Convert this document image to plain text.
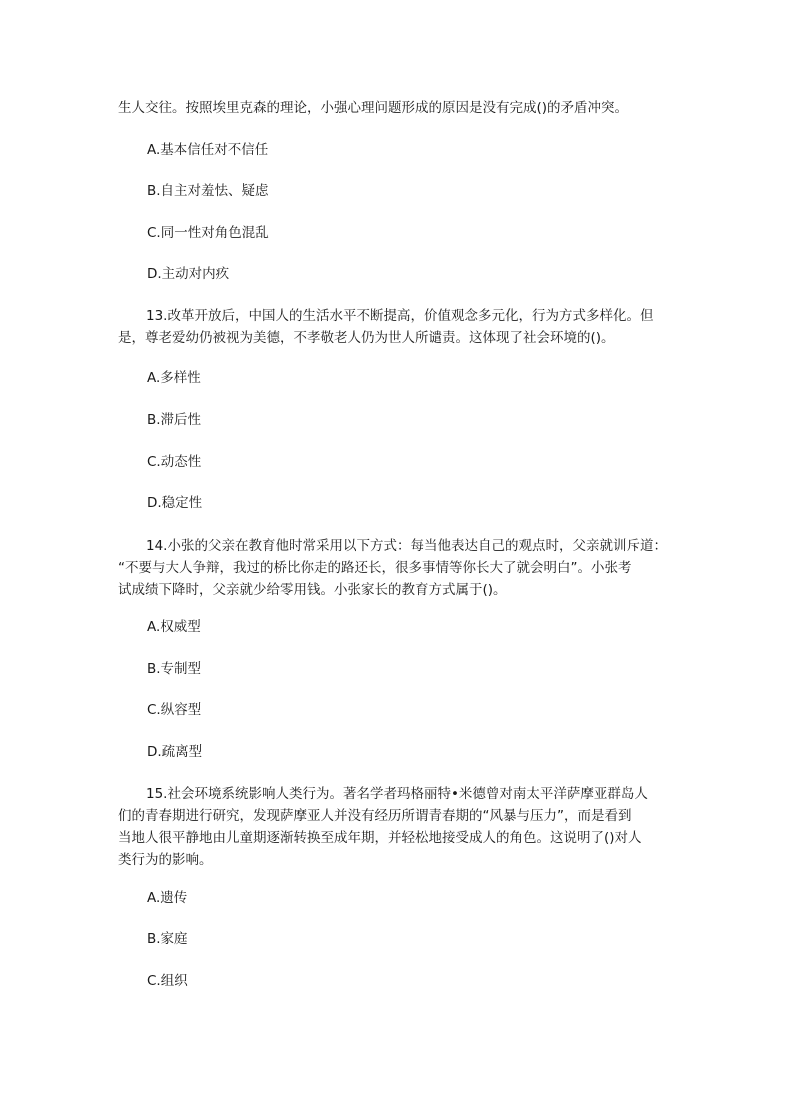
生人交往。按照埃里克森的理论，小强心理问题形成的原因是没有完成()的矛盾冲突。

A.基本信任对不信任

B.自主对羞怯、疑虑

C.同一性对角色混乱

D.主动对内疚

13.改革开放后，中国人的生活水平不断提高，价值观念多元化，行为方式多样化。但
是，尊老爱幼仍被视为美德，不孝敬老人仍为世人所谴责。这体现了社会环境的()。

A.多样性

B.滞后性

C.动态性

D.稳定性

14.小张的父亲在教育他时常采用以下方式：每当他表达自己的观点时，父亲就训斥道：
“不要与大人争辩，我过的桥比你走的路还长，很多事情等你长大了就会明白”。小张考
试成绩下降时，父亲就少给零用钱。小张家长的教育方式属于()。

A.权威型

B.专制型

C.纵容型

D.疏离型

15.社会环境系统影响人类行为。著名学者玛格丽特•米德曾对南太平洋萨摩亚群岛人
们的青春期进行研究，发现萨摩亚人并没有经历所谓青春期的“风暴与压力”，而是看到
当地人很平静地由儿童期逐渐转换至成年期，并轻松地接受成人的角色。这说明了()对人
类行为的影响。

A.遗传

B.家庭

C.组织
